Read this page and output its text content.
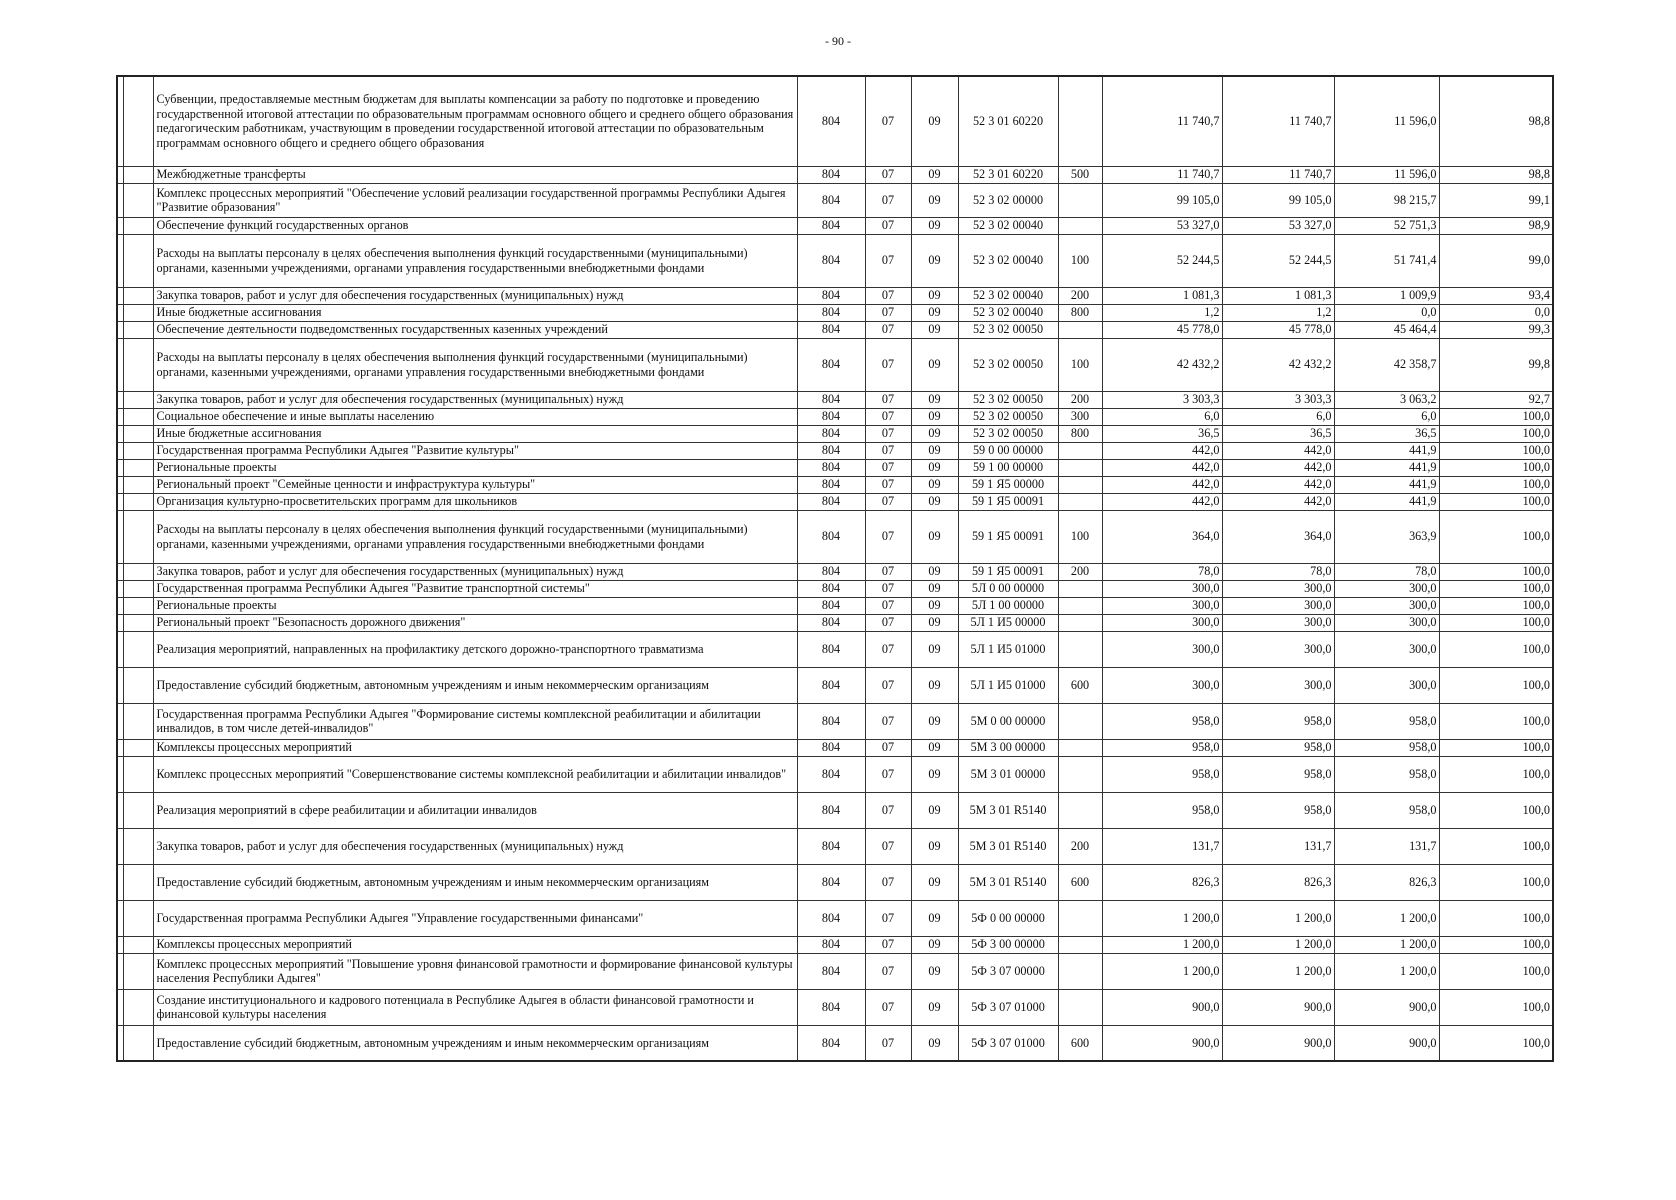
- 90 -
		Субвенции, предоставляемые местным бюджетам для выплаты компенсации за работу по подготовке и проведению государственной итоговой аттестации по образовательным программам основного общего и среднего общего образования педагогическим работникам, участвующим в проведении государственной итоговой аттестации по образовательным программам основного общего и среднего общего образования	804	07	09	52 3 01 60220		11 740,7	11 740,7	11 596,0	98,8
		Межбюджетные трансферты	804	07	09	52 3 01 60220	500	11 740,7	11 740,7	11 596,0	98,8
		Комплекс процессных мероприятий "Обеспечение условий реализации государственной программы Республики Адыгея "Развитие образования"	804	07	09	52 3 02 00000		99 105,0	99 105,0	98 215,7	99,1
		Обеспечение функций государственных органов	804	07	09	52 3 02 00040		53 327,0	53 327,0	52 751,3	98,9
		Расходы на выплаты персоналу в целях обеспечения выполнения функций государственными (муниципальными) органами, казенными учреждениями, органами управления государственными внебюджетными фондами	804	07	09	52 3 02 00040	100	52 244,5	52 244,5	51 741,4	99,0
		Закупка товаров, работ и услуг для обеспечения государственных (муниципальных) нужд	804	07	09	52 3 02 00040	200	1 081,3	1 081,3	1 009,9	93,4
		Иные бюджетные ассигнования	804	07	09	52 3 02 00040	800	1,2	1,2	0,0	0,0
		Обеспечение деятельности подведомственных государственных казенных учреждений	804	07	09	52 3 02 00050		45 778,0	45 778,0	45 464,4	99,3
		Расходы на выплаты персоналу в целях обеспечения выполнения функций государственными (муниципальными) органами, казенными учреждениями, органами управления государственными внебюджетными фондами	804	07	09	52 3 02 00050	100	42 432,2	42 432,2	42 358,7	99,8
		Закупка товаров, работ и услуг для обеспечения государственных (муниципальных) нужд	804	07	09	52 3 02 00050	200	3 303,3	3 303,3	3 063,2	92,7
		Социальное обеспечение и иные выплаты населению	804	07	09	52 3 02 00050	300	6,0	6,0	6,0	100,0
		Иные бюджетные ассигнования	804	07	09	52 3 02 00050	800	36,5	36,5	36,5	100,0
		Государственная программа Республики Адыгея "Развитие культуры"	804	07	09	59 0 00 00000		442,0	442,0	441,9	100,0
		Региональные проекты	804	07	09	59 1 00 00000		442,0	442,0	441,9	100,0
		Региональный проект "Семейные ценности и инфраструктура культуры"	804	07	09	59 1 Я5 00000		442,0	442,0	441,9	100,0
		Организация культурно-просветительских программ для школьников	804	07	09	59 1 Я5 00091		442,0	442,0	441,9	100,0
		Расходы на выплаты персоналу в целях обеспечения выполнения функций государственными (муниципальными) органами, казенными учреждениями, органами управления государственными внебюджетными фондами	804	07	09	59 1 Я5 00091	100	364,0	364,0	363,9	100,0
		Закупка товаров, работ и услуг для обеспечения государственных (муниципальных) нужд	804	07	09	59 1 Я5 00091	200	78,0	78,0	78,0	100,0
		Государственная программа Республики Адыгея "Развитие транспортной системы"	804	07	09	5Л 0 00 00000		300,0	300,0	300,0	100,0
		Региональные проекты	804	07	09	5Л 1 00 00000		300,0	300,0	300,0	100,0
		Региональный проект "Безопасность дорожного движения"	804	07	09	5Л 1 И5 00000		300,0	300,0	300,0	100,0
		Реализация мероприятий, направленных на профилактику детского дорожно-транспортного травматизма	804	07	09	5Л 1 И5 01000		300,0	300,0	300,0	100,0
		Предоставление субсидий бюджетным, автономным учреждениям и иным некоммерческим организациям	804	07	09	5Л 1 И5 01000	600	300,0	300,0	300,0	100,0
		Государственная программа Республики Адыгея "Формирование системы комплексной реабилитации и абилитации инвалидов, в том числе детей-инвалидов"	804	07	09	5М 0 00 00000		958,0	958,0	958,0	100,0
		Комплексы процессных мероприятий	804	07	09	5М 3 00 00000		958,0	958,0	958,0	100,0
		Комплекс процессных мероприятий "Совершенствование системы комплексной реабилитации и абилитации инвалидов"	804	07	09	5М 3 01 00000		958,0	958,0	958,0	100,0
		Реализация мероприятий в сфере реабилитации и абилитации инвалидов	804	07	09	5М 3 01 R5140		958,0	958,0	958,0	100,0
		Закупка товаров, работ и услуг для обеспечения государственных (муниципальных) нужд	804	07	09	5М 3 01 R5140	200	131,7	131,7	131,7	100,0
		Предоставление субсидий бюджетным, автономным учреждениям и иным некоммерческим организациям	804	07	09	5М 3 01 R5140	600	826,3	826,3	826,3	100,0
		Государственная программа Республики Адыгея "Управление государственными финансами"	804	07	09	5Ф 0 00 00000		1 200,0	1 200,0	1 200,0	100,0
		Комплексы процессных мероприятий	804	07	09	5Ф 3 00 00000		1 200,0	1 200,0	1 200,0	100,0
		Комплекс процессных мероприятий "Повышение уровня финансовой грамотности и формирование финансовой культуры населения Республики Адыгея"	804	07	09	5Ф 3 07 00000		1 200,0	1 200,0	1 200,0	100,0
		Создание институционального и кадрового потенциала в Республике Адыгея в области финансовой грамотности и финансовой культуры населения	804	07	09	5Ф 3 07 01000		900,0	900,0	900,0	100,0
		Предоставление субсидий бюджетным, автономным учреждениям и иным некоммерческим организациям	804	07	09	5Ф 3 07 01000	600	900,0	900,0	900,0	100,0
